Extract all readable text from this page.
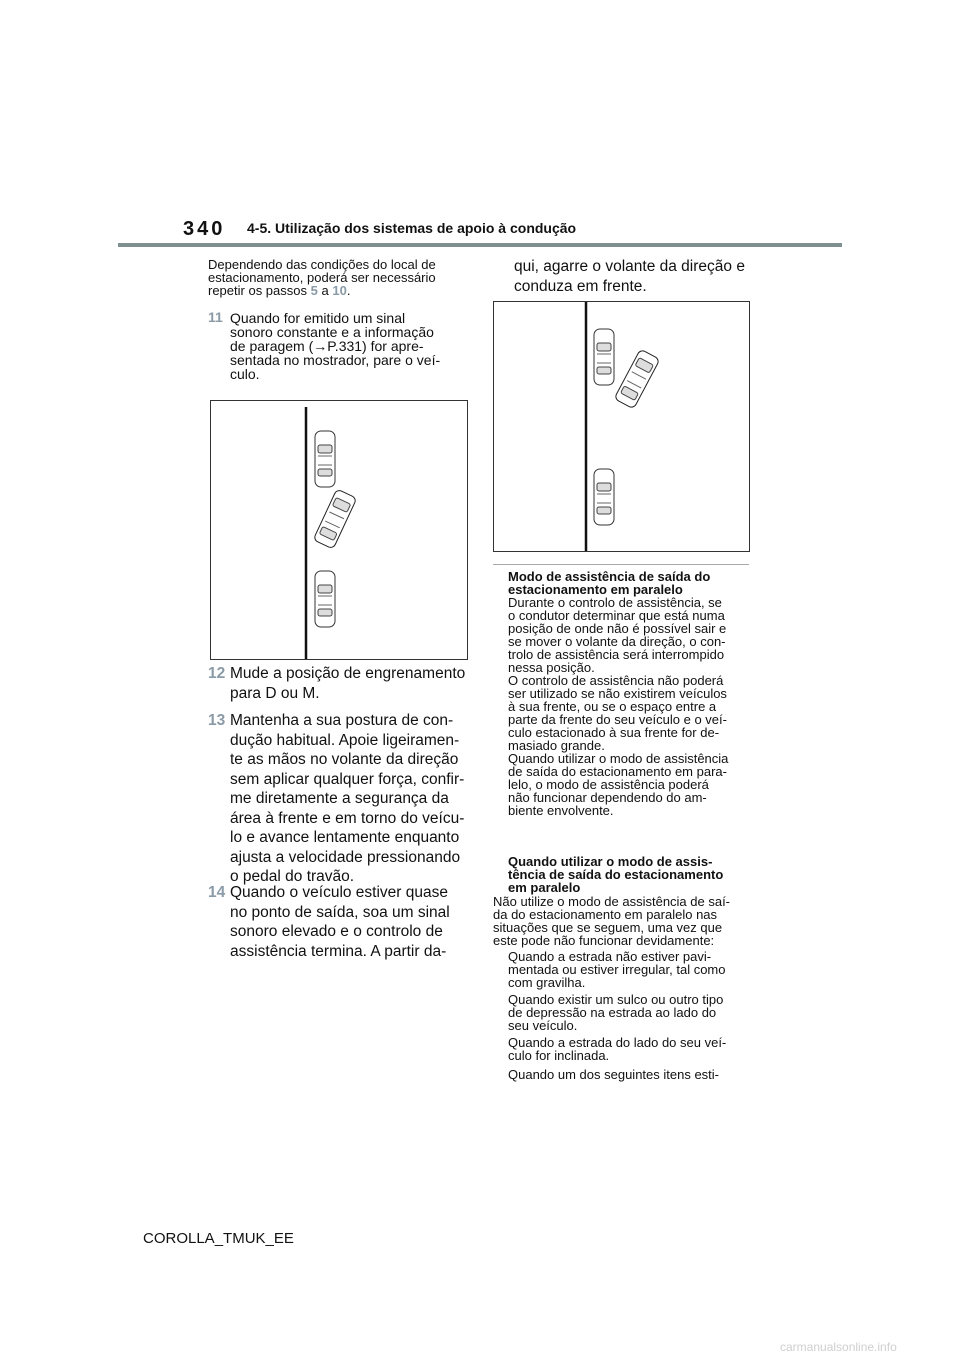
340 4-5. Utilização dos sistemas de apoio à condução
Dependendo das condições do local de
estacionamento, poderá ser necessário
repetir os passos 5 a 10.
11 Quando for emitido um sinal
sonoro constante e a informação
de paragem (→P.331) for apre-
sentada no mostrador, pare o veí-
culo.
12 Mude a posição de engrenamento
para D ou M.
13 Mantenha a sua postura de con-
dução habitual. Apoie ligeiramen-
te as mãos no volante da direção
sem aplicar qualquer força, confir-
me diretamente a segurança da
área à frente e em torno do veícu-
lo e avance lentamente enquanto
ajusta a velocidade pressionando
o pedal do travão.
14 Quando o veículo estiver quase
no ponto de saída, soa um sinal
sonoro elevado e o controlo de
assistência termina. A partir da-
qui, agarre o volante da direção e
conduza em frente.
Modo de assistência de saída do
estacionamento em paralelo
Durante o controlo de assistência, se
o condutor determinar que está numa
posição de onde não é possível sair e
se mover o volante da direção, o con-
trolo de assistência será interrompido
nessa posição.
O controlo de assistência não poderá
ser utilizado se não existirem veículos
à sua frente, ou se o espaço entre a
parte da frente do seu veículo e o veí-
culo estacionado à sua frente for de-
masiado grande.
Quando utilizar o modo de assistência
de saída do estacionamento em para-
lelo, o modo de assistência poderá
não funcionar dependendo do am-
biente envolvente.
Quando utilizar o modo de assis-
tência de saída do estacionamento
em paralelo
Não utilize o modo de assistência de saí-
da do estacionamento em paralelo nas
situações que se seguem, uma vez que
este pode não funcionar devidamente:
Quando a estrada não estiver pavi-
mentada ou estiver irregular, tal como
com gravilha.
Quando existir um sulco ou outro tipo
de depressão na estrada ao lado do
seu veículo.
Quando a estrada do lado do seu veí-
culo for inclinada.
Quando um dos seguintes itens esti-
COROLLA_TMUK_EE
carmanualsonline.info
